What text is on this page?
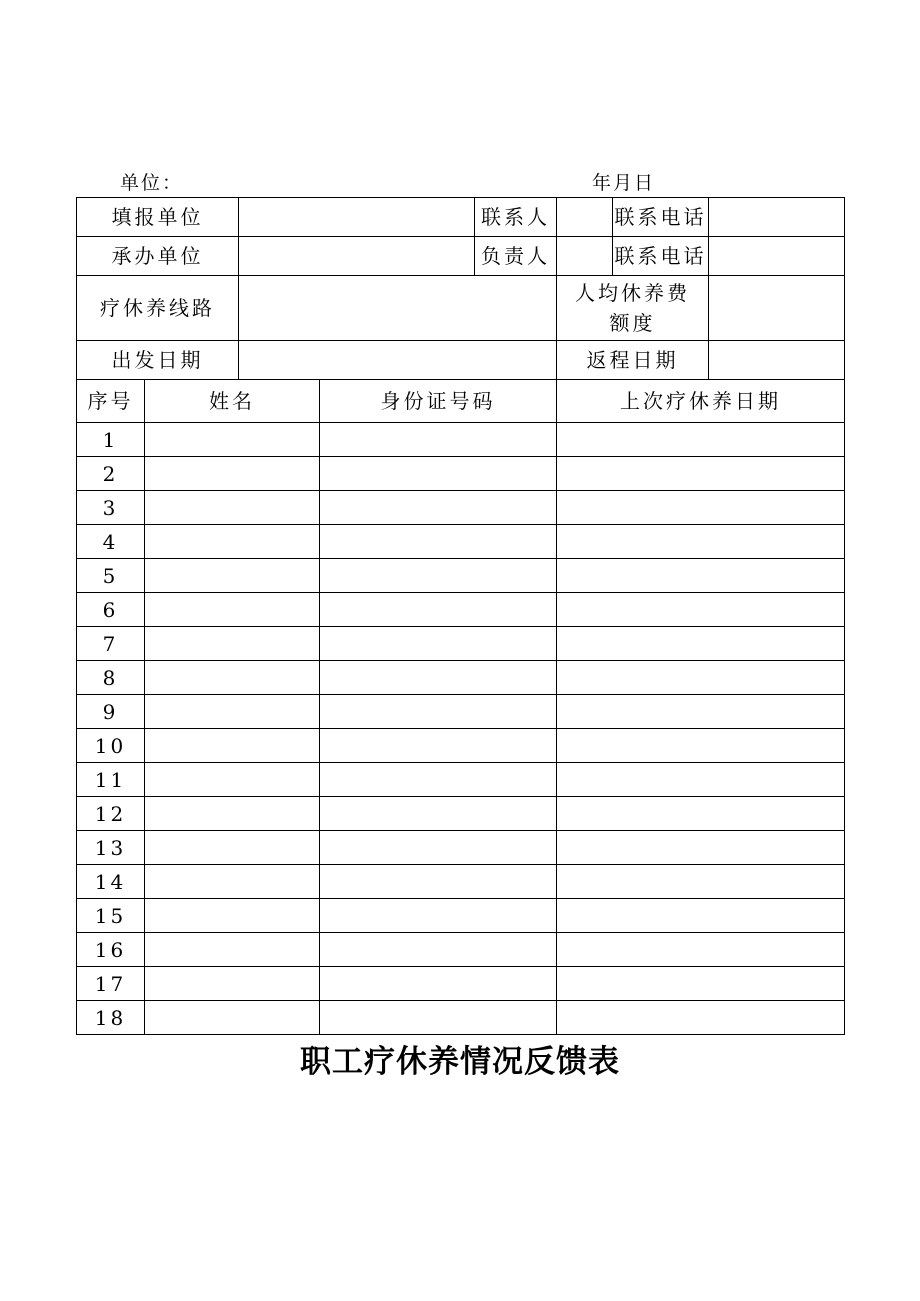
单位：	年月日
填报单位				联系人		联系电话	
承办单位				负责人		联系电话	
疗休养线路					人均休养费额度		
出发日期					返程日期		
序号	姓名		身份证号码		上次疗休养日期		
1							
2							
3							
4							
5							
6							
7							
8							
9							
10							
11							
12							
13							
14							
15							
16							
17							
18							
职工疗休养情况反馈表
